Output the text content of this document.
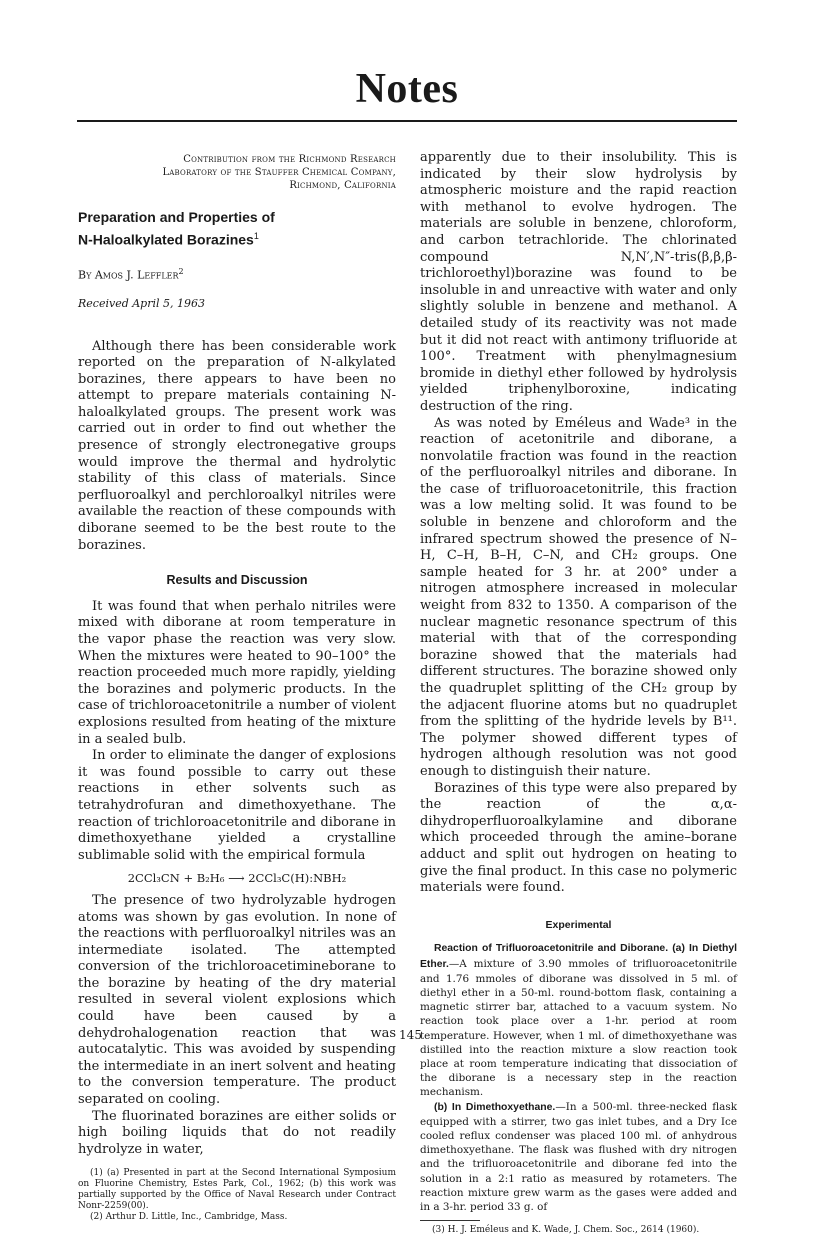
Notes
Contribution from the Richmond Research
Laboratory of the Stauffer Chemical Company,
Richmond, California
Preparation and Properties of
N-Haloalkylated Borazines$^1$
By Amos J. Leffler$^2$
Received April 5, 1963

Although there has been considerable work reported on the preparation of N-alkylated borazines, there appears to have been no attempt to prepare materials containing N-haloalkylated groups. The present work was carried out in order to find out whether the presence of strongly electronegative groups would improve the thermal and hydrolytic stability of this class of materials. Since perfluoroalkyl and perchloroalkyl nitriles were available the reaction of these compounds with diborane seemed to be the best route to the borazines.

Results and Discussion

It was found that when perhalo nitriles were mixed with diborane at room temperature in the vapor phase the reaction was very slow. When the mixtures were heated to 90–100° the reaction proceeded much more rapidly, yielding the borazines and polymeric products. In the case of trichloroacetonitrile a number of violent explosions resulted from heating of the mixture in a sealed bulb.

In order to eliminate the danger of explosions it was found possible to carry out these reactions in ether solvents such as tetrahydrofuran and dimethoxyethane. The reaction of trichloroacetonitrile and diborane in dimethoxyethane yielded a crystalline sublimable solid with the empirical formula

2CCl₃CN + B₂H₆ ⟶ 2CCl₃C(H):NBH₂

The presence of two hydrolyzable hydrogen atoms was shown by gas evolution. In none of the reactions with perfluoroalkyl nitriles was an intermediate isolated. The attempted conversion of the trichloroacetimineborane to the borazine by heating of the dry material resulted in several violent explosions which could have been caused by a dehydrohalogenation reaction that was autocatalytic. This was avoided by suspending the intermediate in an inert solvent and heating to the conversion temperature. The product separated on cooling.

The fluorinated borazines are either solids or high boiling liquids that do not readily hydrolyze in water,

(1) (a) Presented in part at the Second International Symposium on Fluorine Chemistry, Estes Park, Col., 1962; (b) this work was partially supported by the Office of Naval Research under Contract Nonr-2259(00).

(2) Arthur D. Little, Inc., Cambridge, Mass.

apparently due to their insolubility. This is indicated by their slow hydrolysis by atmospheric moisture and the rapid reaction with methanol to evolve hydrogen. The materials are soluble in benzene, chloroform, and carbon tetrachloride. The chlorinated compound N,N′,N″-tris(β,β,β-trichloroethyl)borazine was found to be insoluble in and unreactive with water and only slightly soluble in benzene and methanol. A detailed study of its reactivity was not made but it did not react with antimony trifluoride at 100°. Treatment with phenylmagnesium bromide in diethyl ether followed by hydrolysis yielded triphenylboroxine, indicating destruction of the ring.

As was noted by Eméleus and Wade³ in the reaction of acetonitrile and diborane, a nonvolatile fraction was found in the reaction of the perfluoroalkyl nitriles and diborane. In the case of trifluoroacetonitrile, this fraction was a low melting solid. It was found to be soluble in benzene and chloroform and the infrared spectrum showed the presence of N–H, C–H, B–H, C–N, and CH₂ groups. One sample heated for 3 hr. at 200° under a nitrogen atmosphere increased in molecular weight from 832 to 1350. A comparison of the nuclear magnetic resonance spectrum of this material with that of the corresponding borazine showed that the materials had different structures. The borazine showed only the quadruplet splitting of the CH₂ group by the adjacent fluorine atoms but no quadruplet from the splitting of the hydride levels by B¹¹. The polymer showed different types of hydrogen although resolution was not good enough to distinguish their nature.

Borazines of this type were also prepared by the reaction of the α,α-dihydroperfluoroalkylamine and diborane which proceeded through the amine–borane adduct and split out hydrogen on heating to give the final product. In this case no polymeric materials were found.

Experimental

Reaction of Trifluoroacetonitrile and Diborane. (a) In Diethyl Ether.—A mixture of 3.90 mmoles of trifluoroacetonitrile and 1.76 mmoles of diborane was dissolved in 5 ml. of diethyl ether in a 50-ml. round-bottom flask, containing a magnetic stirrer bar, attached to a vacuum system. No reaction took place over a 1-hr. period at room temperature. However, when 1 ml. of dimethoxyethane was distilled into the reaction mixture a slow reaction took place at room temperature indicating that dissociation of the diborane is a necessary step in the reaction mechanism.

(b) In Dimethoxyethane.—In a 500-ml. three-necked flask equipped with a stirrer, two gas inlet tubes, and a Dry Ice cooled reflux condenser was placed 100 ml. of anhydrous dimethoxyethane. The flask was flushed with dry nitrogen and the trifluoroacetonitrile and diborane fed into the solution in a 2:1 ratio as measured by rotameters. The reaction mixture grew warm as the gases were added and in a 3-hr. period 33 g. of

(3) H. J. Eméleus and K. Wade, J. Chem. Soc., 2614 (1960).

145
